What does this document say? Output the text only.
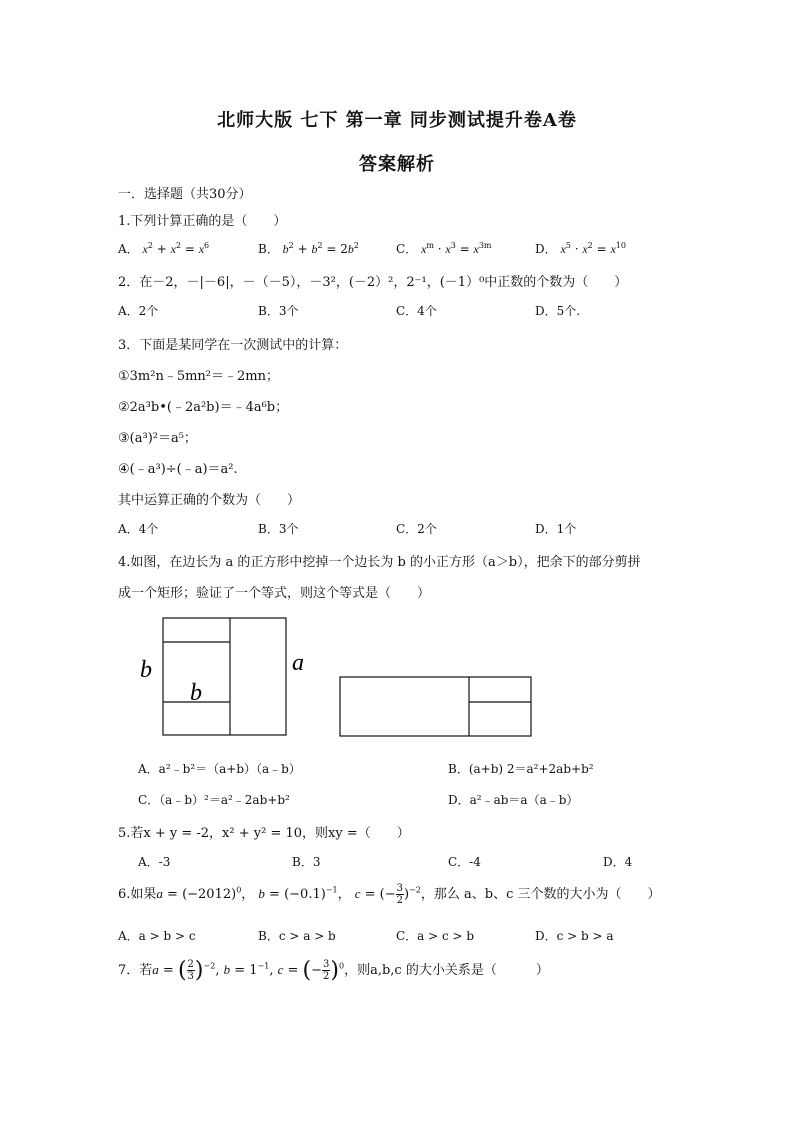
北师大版 七下 第一章 同步测试提升卷A卷
答案解析
一．选择题（共30分）
1.下列计算正确的是（　　）
A． $x^2 + x^2 = x^6$	B． $b^2 + b^2 = 2b^2$	C． $x^m \cdot x^3 = x^{3m}$	D． $x^5 \cdot x^2 = x^{10}$
2．在－2，－|－6|，－（－5），－3²，(－2）²，2⁻¹，(－1）⁰中正数的个数为（　　）
A．2个	B．3个	C．4个	D．5个.
3．下面是某同学在一次测试中的计算：
①3m²n﹣5mn²＝﹣2mn；
②2a³b•(﹣2a²b)＝﹣4a⁶b；
③(a³)²＝a⁵；
④(﹣a³)÷(﹣a)＝a².
其中运算正确的个数为（　　）
A．4个	B．3个	C．2个	D．1个
4.如图，在边长为 a 的正方形中挖掉一个边长为 b 的小正方形（a＞b），把余下的部分剪拼
成一个矩形；验证了一个等式，则这个等式是（　　）
b
b
a
A．a²﹣b²＝（a+b）（a﹣b）	B．(a+b) 2＝a²+2ab+b²
C．（a﹣b）²＝a²﹣2ab+b²	D．a²﹣ab＝a（a﹣b）
5.若x + y = -2，x² + y² = 10，则xy =（　　）
A．-3	B．3	C．-4	D．4
6.如果$a = (-2012)^0$， $b = (-0.1)^{-1}$， c = (− $\frac{3}{2} )^{-2}$，那么 a、b、c 三个数的大小为（　　）
A．a > b > c	B．c > a > b	C．a > c > b	D．c > b > a
7．若a = ( $\frac{2}{3} )^{-2}$, $b = 1^{-1}$, c = (− $\frac{3}{2} )^0$，则a,b,c 的大小关系是（　　　）
